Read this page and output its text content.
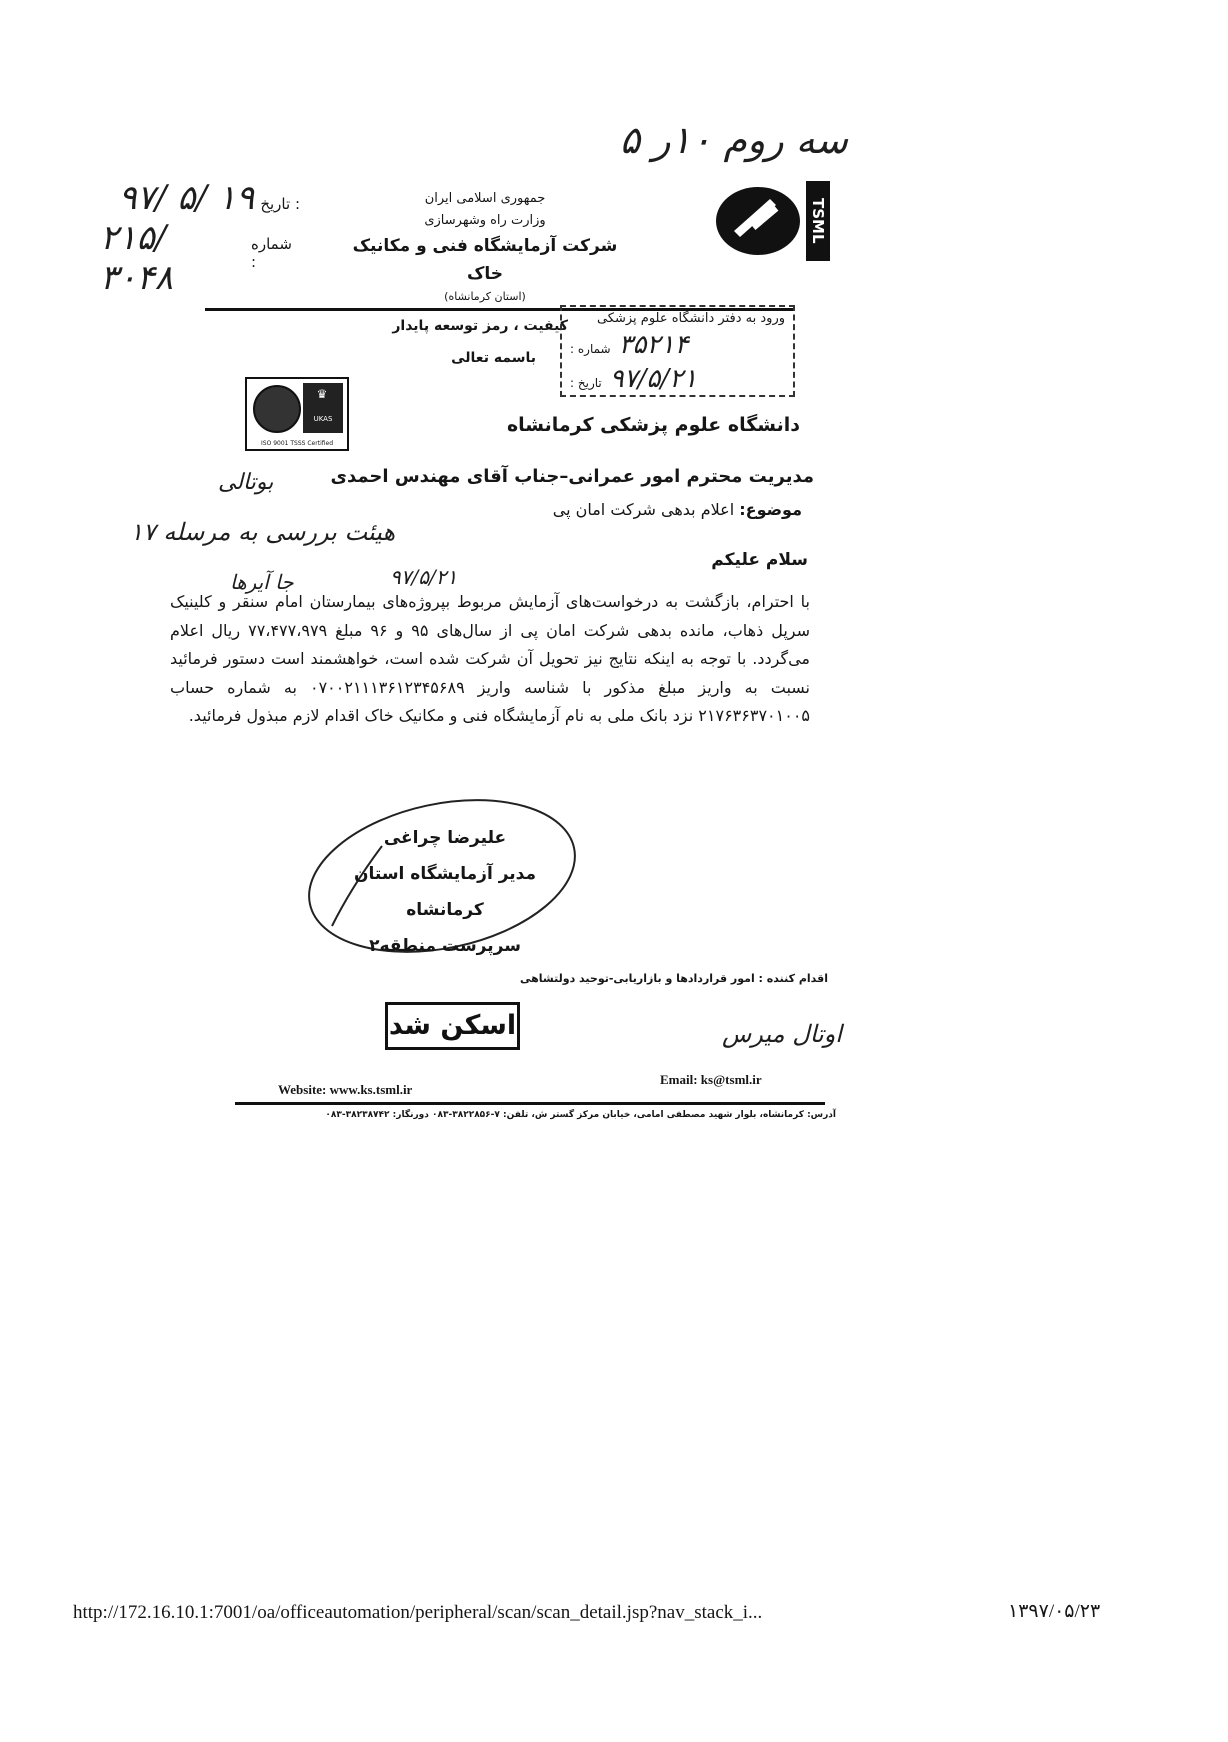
سه روم ۱۰ر ۵
تاریخ :
۹۷/ ۵/ ۱۹
شماره :
۲۱۵/ ۳۰۴۸
جمهوری اسلامی ایران
وزارت راه وشهرسازی
شرکت آزمایشگاه فنی و مکانیک خاک
(استان کرمانشاه)
TSML
کیفیت ، رمز توسعه پایدار
باسمه تعالی
ورود به دفتر دانشگاه علوم پزشکی
شماره : ۳۵۲۱۴
تاریخ : ۹۷/۵/۲۱
♛
UKAS
ISO 9001 TSSS Certified
دانشگاه علوم پزشکی کرمانشاه
مدیریت محترم امور عمرانی–جناب آقای مهندس احمدی
موضوع: اعلام بدهی شرکت امان پی
سلام علیکم
بوتالی
هیئت بررسی‌ به مرسله ۱۷
۹۷/۵/۲۱
جا آیرها
با احترام، بازگشت به درخواست‌های آزمایش مربوط بپروژه‌های بیمارستان امام سنقر و کلینیک سرپل ذهاب، مانده بدهی شرکت امان پی از سال‌های ۹۵ و ۹۶ مبلغ ۷۷،۴۷۷،۹۷۹ ریال اعلام می‌گردد. با توجه به اینکه نتایج نیز تحویل آن شرکت شده است، خواهشمند است دستور فرمائید نسبت به واریز مبلغ مذکور با شناسه واریز ۰۷۰۰۲۱۱۱۳۶۱۲۳۴۵۶۸۹ به شماره حساب ۲۱۷۶۳۶۳۷۰۱۰۰۵ نزد بانک ملی به نام آزمایشگاه فنی و مکانیک خاک اقدام لازم مبذول فرمائید.
علیرضا چراغی
مدیر آزمایشگاه استان کرمانشاه
سرپرست منطقه۲
اقدام کننده : امور قراردادها و بازاریابی-توحید دولتشاهی
اسکن شد	اوتال میرس
Website: www.ks.tsml.ir
Email: ks@tsml.ir
آدرس: کرمانشاه، بلوار شهید مصطفی امامی، خیابان مرکز گستر ش، تلفن: ۷-۳۸۲۲۸۵۶-۰۸۳ دورنگار: ۳۸۲۳۸۷۴۲-۰۸۳
http://172.16.10.1:7001/oa/officeautomation/peripheral/scan/scan_detail.jsp?nav_stack_i...	۱۳۹۷/۰۵/۲۳
